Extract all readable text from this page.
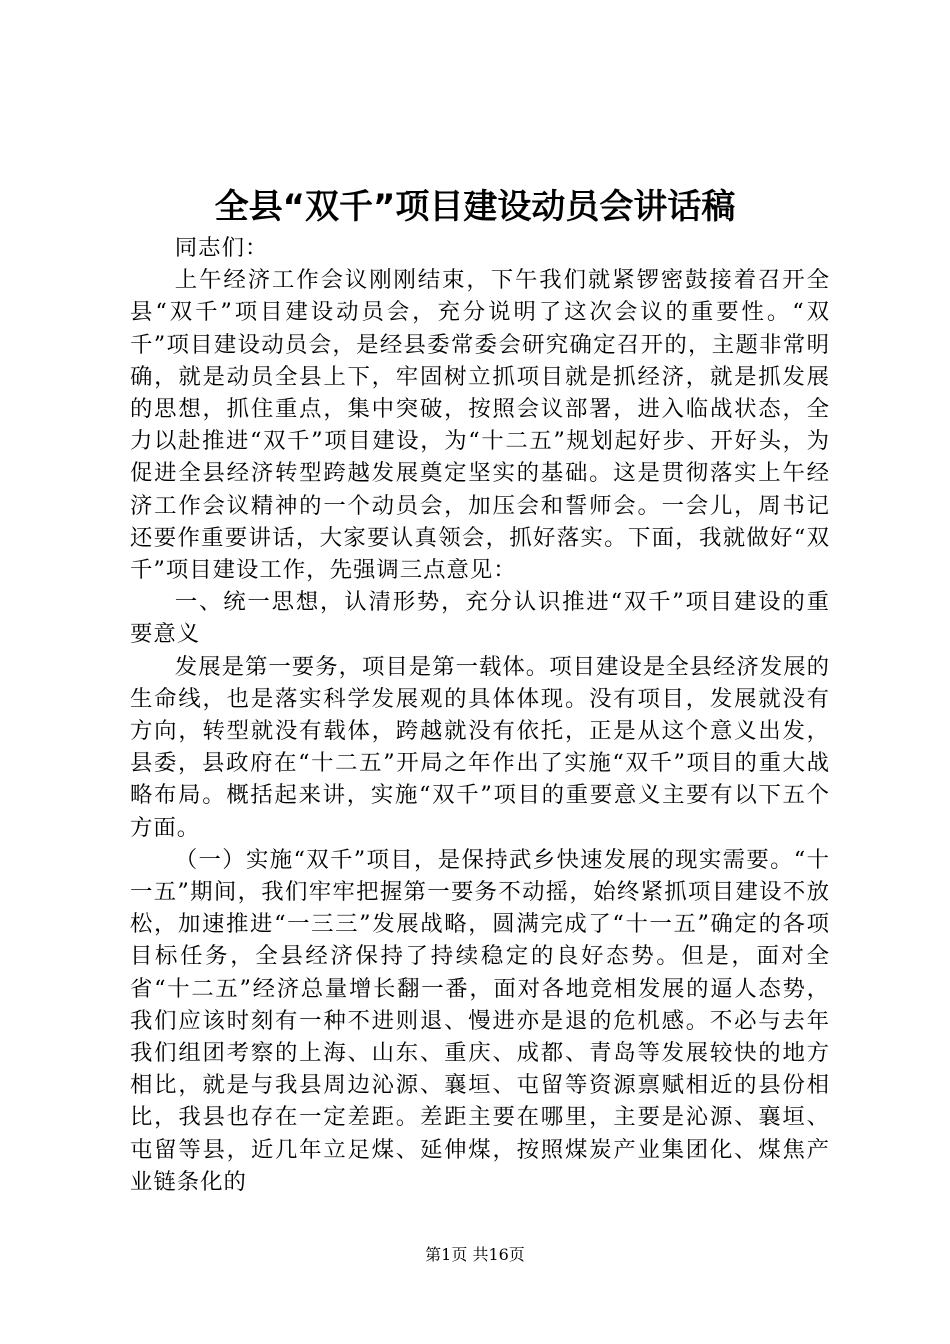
全县“双千”项目建设动员会讲话稿

同志们：

上午经济工作会议刚刚结束，下午我们就紧锣密鼓接着召开全县“双千”项目建设动员会，充分说明了这次会议的重要性。“双千”项目建设动员会，是经县委常委会研究确定召开的，主题非常明确，就是动员全县上下，牢固树立抓项目就是抓经济，就是抓发展的思想，抓住重点，集中突破，按照会议部署，进入临战状态，全力以赴推进“双千”项目建设，为“十二五”规划起好步、开好头，为促进全县经济转型跨越发展奠定坚实的基础。这是贯彻落实上午经济工作会议精神的一个动员会，加压会和誓师会。一会儿，周书记还要作重要讲话，大家要认真领会，抓好落实。下面，我就做好“双千”项目建设工作，先强调三点意见：

一、统一思想，认清形势，充分认识推进“双千”项目建设的重要意义

发展是第一要务，项目是第一载体。项目建设是全县经济发展的生命线，也是落实科学发展观的具体体现。没有项目，发展就没有方向，转型就没有载体，跨越就没有依托，正是从这个意义出发，县委，县政府在“十二五”开局之年作出了实施“双千”项目的重大战略布局。概括起来讲，实施“双千”项目的重要意义主要有以下五个方面。

（一）实施“双千”项目，是保持武乡快速发展的现实需要。“十一五”期间，我们牢牢把握第一要务不动摇，始终紧抓项目建设不放松，加速推进“一三三”发展战略，圆满完成了“十一五”确定的各项目标任务，全县经济保持了持续稳定的良好态势。但是，面对全省“十二五”经济总量增长翻一番，面对各地竞相发展的逼人态势，我们应该时刻有一种不进则退、慢进亦是退的危机感。不必与去年我们组团考察的上海、山东、重庆、成都、青岛等发展较快的地方相比，就是与我县周边沁源、襄垣、屯留等资源禀赋相近的县份相比，我县也存在一定差距。差距主要在哪里，主要是沁源、襄垣、屯留等县，近几年立足煤、延伸煤，按照煤炭产业集团化、煤焦产业链条化的

第1页 共16页
